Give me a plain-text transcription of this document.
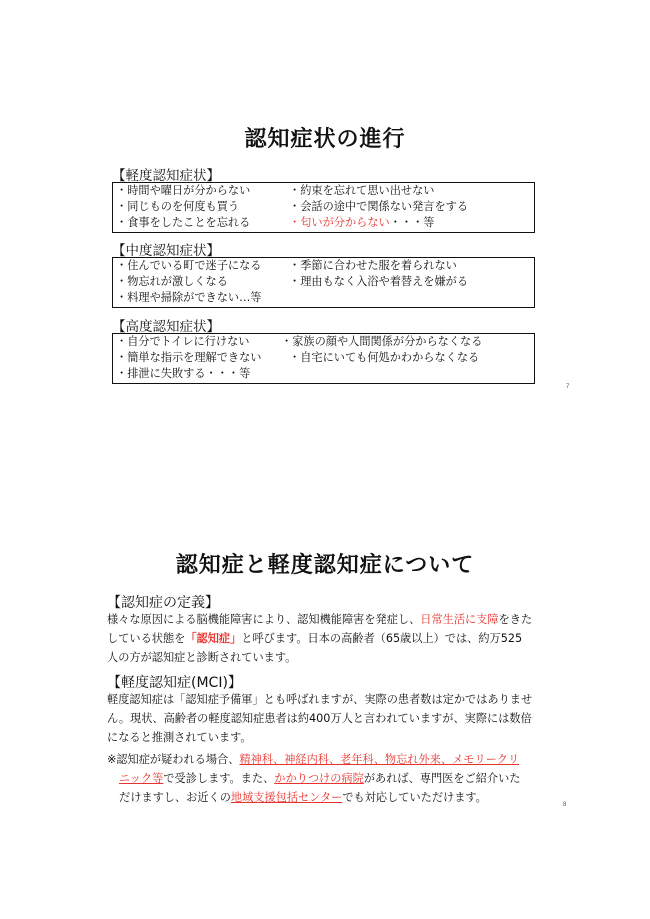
認知症状の進行
【軽度認知症状】
・時間や曜日が分からない
・同じものを何度も買う
・食事をしたことを忘れる
・約束を忘れて思い出せない
・会話の途中で関係ない発言をする
・匂いが分からない・・・等
【中度認知症状】
・住んでいる町で迷子になる
・物忘れが激しくなる
・料理や掃除ができない…等
・季節に合わせた服を着られない
・理由もなく入浴や着替えを嫌がる
【高度認知症状】
・自分でトイレに行けない
・簡単な指示を理解できない
・排泄に失敗する・・・等
・家族の顔や人間関係が分からなくなる
・自宅にいても何処かわからなくなる
7
認知症と軽度認知症について
【認知症の定義】
様々な原因による脳機能障害により、認知機能障害を発症し、日常生活に支障をきた
している状態を「認知症」と呼びます。日本の高齢者（65歳以上）では、約万525
人の方が認知症と診断されています。
【軽度認知症(MCI)】
軽度認知症は「認知症予備軍」とも呼ばれますが、実際の患者数は定かではありませ
ん。現状、高齢者の軽度認知症患者は約400万人と言われていますが、実際には数倍
になると推測されています。
※認知症が疑われる場合、精神科、神経内科、老年科、物忘れ外来、メモリークリ
ニック等で受診します。また、かかりつけの病院があれば、専門医をご紹介いた
だけますし、お近くの地域支援包括センターでも対応していただけます。
8
